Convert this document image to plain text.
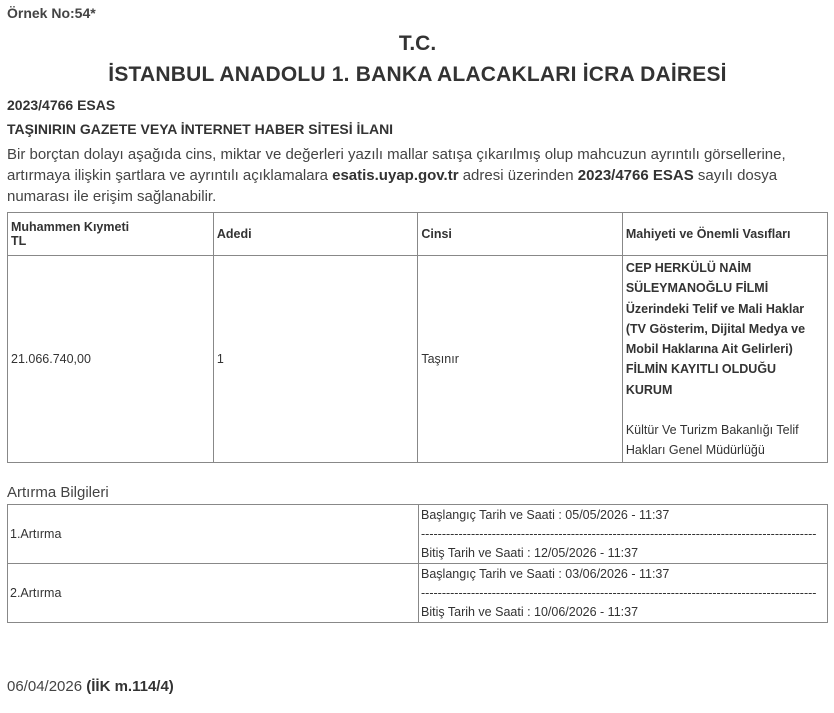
Örnek No:54*
T.C.
İSTANBUL ANADOLU 1. BANKA ALACAKLARI İCRA DAİRESİ
2023/4766 ESAS
TAŞINIRIN GAZETE VEYA İNTERNET HABER SİTESİ İLANI
Bir borçtan dolayı aşağıda cins, miktar ve değerleri yazılı mallar satışa çıkarılmış olup mahcuzun ayrıntılı görsellerine, artırmaya ilişkin şartlara ve ayrıntılı açıklamalara esatis.uyap.gov.tr adresi üzerinden 2023/4766 ESAS sayılı dosya numarası ile erişim sağlanabilir.
Muhammen Kıymeti
TL	Adedi	Cinsi	Mahiyeti ve Önemli Vasıfları
21.066.740,00	1	Taşınır	CEP HERKÜLÜ NAİM SÜLEYMANOĞLU FİLMİ Üzerindeki Telif ve Mali Haklar (TV Gösterim, Dijital Medya ve Mobil Haklarına Ait Gelirleri) FİLMİN KAYITLI OLDUĞU KURUM
Kültür Ve Turizm Bakanlığı Telif Hakları Genel Müdürlüğü
Artırma Bilgileri
1.Artırma	Başlangıç Tarih ve Saati : 05/05/2026 - 11:37
-----------------------------------------------------------------------------------------------
Bitiş Tarih ve Saati : 12/05/2026 - 11:37

2.Artırma	Başlangıç Tarih ve Saati : 03/06/2026 - 11:37
-----------------------------------------------------------------------------------------------
Bitiş Tarih ve Saati : 10/06/2026 - 11:37
06/04/2026 (İİK m.114/4)
